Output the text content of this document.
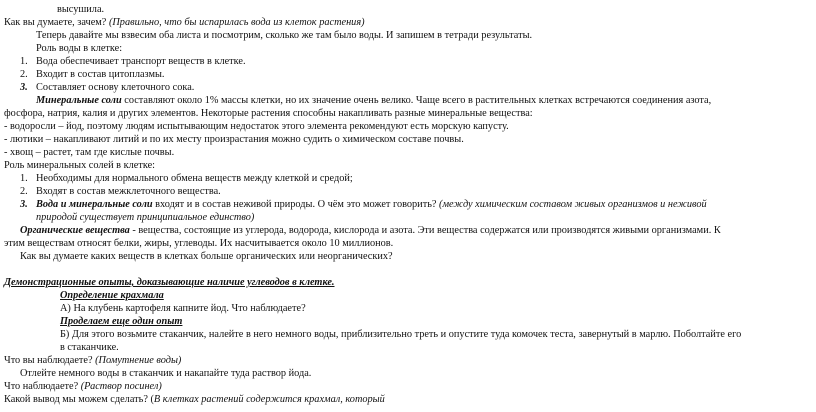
высушила.
Как вы думаете, зачем? (Правильно, что бы испарилась вода из клеток растения)
Теперь давайте мы взвесим оба листа и посмотрим, сколько же там было воды. И запишем в тетради результаты.
Роль воды в клетке:
1. Вода обеспечивает транспорт веществ в клетке.
2. Входит в состав цитоплазмы.
3. Составляет основу клеточного сока.
Минеральные соли составляют около 1% массы клетки, но их значение очень велико. Чаще всего в растительных клетках встречаются соединения азота,
фосфора, натрия, калия и других элементов. Некоторые растения способны накапливать разные минеральные вещества:
- водоросли – йод, поэтому людям испытывающим недостаток этого элемента рекомендуют есть морскую капусту.
- лютики – накапливают литий и по их месту произрастания можно судить о химическом составе почвы.
- хвощ – растет, там где кислые почвы.
Роль минеральных солей в клетке:
1. Необходимы для нормального обмена веществ между клеткой и средой;
2. Входят в состав межклеточного вещества.
3. Вода и минеральные соли входят и в состав неживой природы. О чём это может говорить? (между химическим составом живых организмов и неживой
природой существует принципиальное единство)
Органические вещества - вещества, состоящие из углерода, водорода, кислорода и азота. Эти вещества содержатся или производятся живыми организмами. К
этим веществам относят белки, жиры, углеводы. Их насчитывается около 10 миллионов.
Как вы думаете каких веществ в клетках больше органических или неорганических?
Демонстрационные опыты, доказывающие наличие углеводов в клетке.
Определение крахмала
А) На клубень картофеля капните йод. Что наблюдаете?
Проделаем еще один опыт
Б) Для этого возьмите стаканчик, налейте в него немного воды, приблизительно треть и опустите туда комочек теста, завернутый в марлю. Поболтайте его
в стаканчике.
Что вы наблюдаете? (Помутнение воды)
Отлейте немного воды в стаканчик и накапайте туда раствор йода.
Что наблюдаете? (Раствор посинел)
Какой вывод мы можем сделать? (В клетках растений содержится крахмал, который
